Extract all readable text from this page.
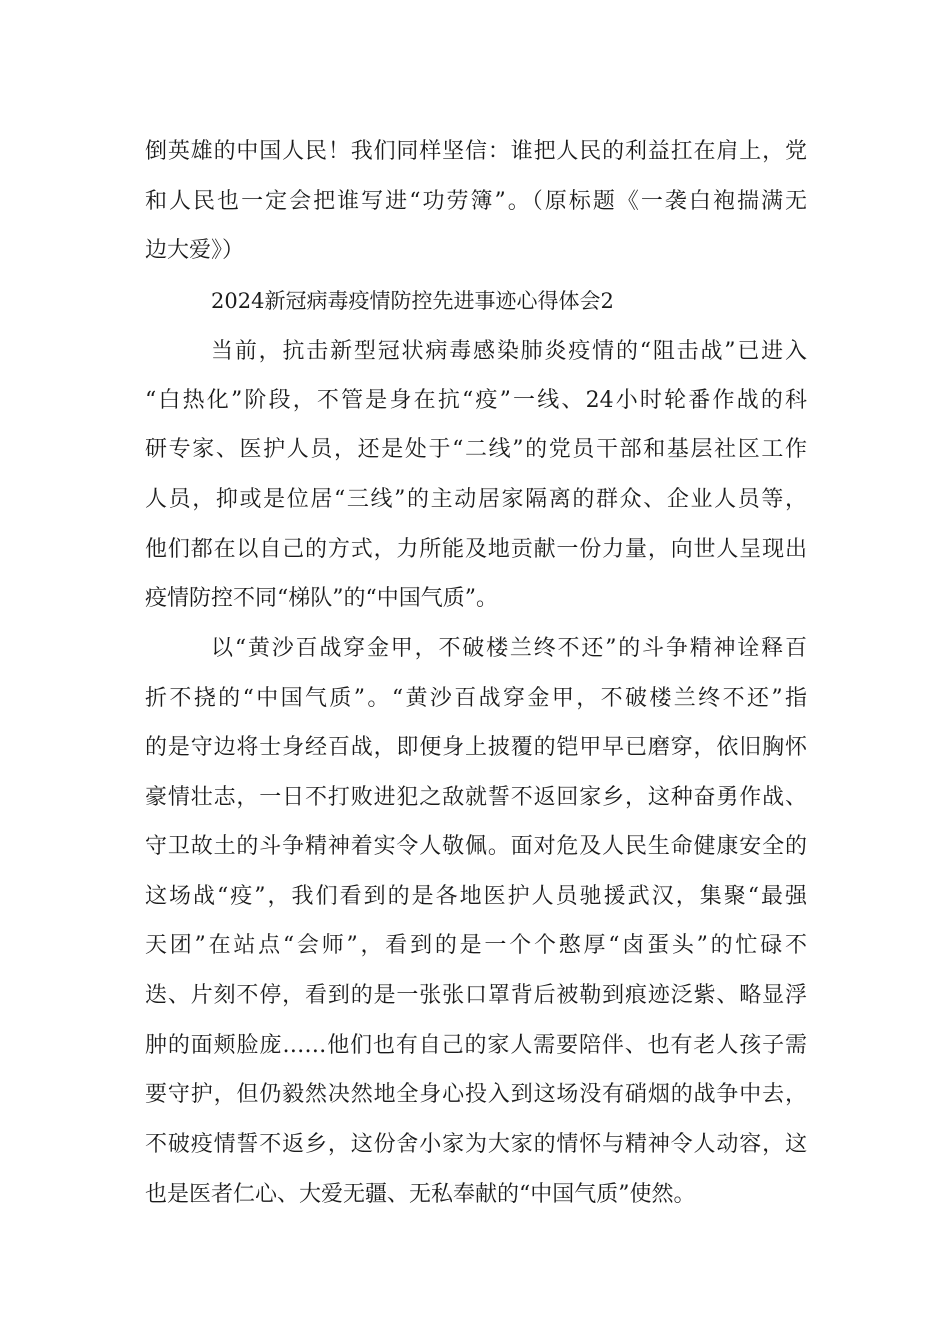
倒英雄的中国人民！我们同样坚信：谁把人民的利益扛在肩上，党
和人民也一定会把谁写进“功劳簿”。（原标题《一袭白袍揣满无
边大爱》）
2024新冠病毒疫情防控先进事迹心得体会2
当前，抗击新型冠状病毒感染肺炎疫情的“阻击战”已进入
“白热化”阶段，不管是身在抗“疫”一线、24小时轮番作战的科
研专家、医护人员，还是处于“二线”的党员干部和基层社区工作
人员，抑或是位居“三线”的主动居家隔离的群众、企业人员等，
他们都在以自己的方式，力所能及地贡献一份力量，向世人呈现出
疫情防控不同“梯队”的“中国气质”。
以“黄沙百战穿金甲，不破楼兰终不还”的斗争精神诠释百
折不挠的“中国气质”。“黄沙百战穿金甲，不破楼兰终不还”指
的是守边将士身经百战，即便身上披覆的铠甲早已磨穿，依旧胸怀
豪情壮志，一日不打败进犯之敌就誓不返回家乡，这种奋勇作战、
守卫故土的斗争精神着实令人敬佩。面对危及人民生命健康安全的
这场战“疫”，我们看到的是各地医护人员驰援武汉，集聚“最强
天团”在站点“会师”，看到的是一个个憨厚“卤蛋头”的忙碌不
迭、片刻不停，看到的是一张张口罩背后被勒到痕迹泛紫、略显浮
肿的面颊脸庞……他们也有自己的家人需要陪伴、也有老人孩子需
要守护，但仍毅然决然地全身心投入到这场没有硝烟的战争中去，
不破疫情誓不返乡，这份舍小家为大家的情怀与精神令人动容，这
也是医者仁心、大爱无疆、无私奉献的“中国气质”使然。
